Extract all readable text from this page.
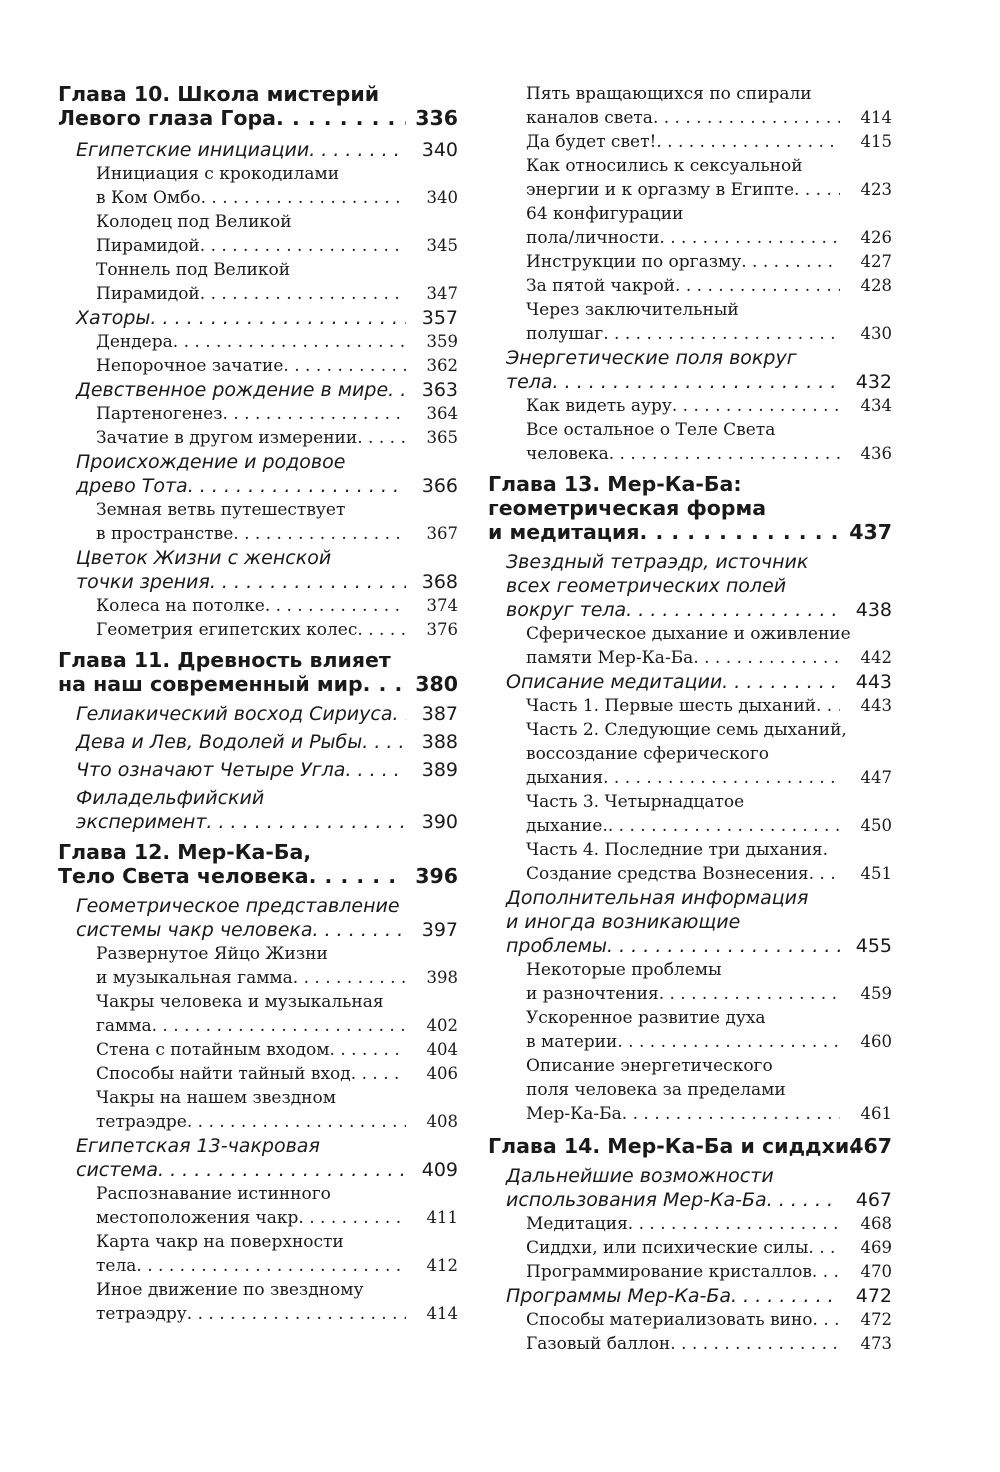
Глава 10. Школа мистерий
Левого глаза Гора . . .	336
Египетские инициации . . .	340
Инициация с крокодилами
в Ком Омбо . . .	340
Колодец под Великой
Пирамидой . . .	345
Тоннель под Великой
Пирамидой . . .	347
Хаторы . . .	357
Дендера . . .	359
Непорочное зачатие . . .	362
Девственное рождение в мире . . .	363
Партеногенез . . .	364
Зачатие в другом измерении . . .	365
Происхождение и родовое
древо Тота . . .	366
Земная ветвь путешествует
в пространстве . . .	367
Цветок Жизни с женской
точки зрения . . .	368
Колеса на потолке . . .	374
Геометрия египетских колес . . .	376
Глава 11. Древность влияет
на наш современный мир . . .	380
Гелиакический восход Сириуса . . .	387
Дева и Лев, Водолей и Рыбы . . .	388
Что означают Четыре Угла . . .	389
Филадельфийский
эксперимент . . .	390
Глава 12. Мер-Ка-Ба,
Тело Света человека . . .	396
Геометрическое представление
системы чакр человека . . .	397
Развернутое Яйцо Жизни
и музыкальная гамма . . .	398
Чакры человека и музыкальная
гамма . . .	402
Стена с потайным входом . . .	404
Способы найти тайный вход . . .	406
Чакры на нашем звездном
тетраэдре . . .	408
Египетская 13-чакровая
система . . .	409
Распознавание истинного
местоположения чакр . . .	411
Карта чакр на поверхности
тела . . .	412
Иное движение по звездному
тетраэдру . . .	414
Пять вращающихся по спирали
каналов света . . .	414
Да будет свет! . . .	415
Как относились к сексуальной
энергии и к оргазму в Египте . . .	423
64 конфигурации
пола/личности . . .	426
Инструкции по оргазму . . .	427
За пятой чакрой . . .	428
Через заключительный
полушаг . . .	430
Энергетические поля вокруг
тела . . .	432
Как видеть ауру . . .	434
Все остальное о Теле Света
человека . . .	436
Глава 13. Мер-Ка-Ба:
геометрическая форма
и медитация . . .	437
Звездный тетраэдр, источник
всех геометрических полей
вокруг тела . . .	438
Сферическое дыхание и оживление
памяти Мер-Ка-Ба . . .	442
Описание медитации . . .	443
Часть 1. Первые шесть дыханий . . .	443
Часть 2. Следующие семь дыханий,
воссоздание сферического
дыхания . . .	447
Часть 3. Четырнадцатое
дыхание. . . .	450
Часть 4. Последние три дыхания.
Создание средства Вознесения . . .	451
Дополнительная информация
и иногда возникающие
проблемы . . .	455
Некоторые проблемы
и разночтения . . .	459
Ускоренное развитие духа
в материи . . .	460
Описание энергетического
поля человека за пределами
Мер-Ка-Ба . . .	461
Глава 14. Мер-Ка-Ба и сиддхи . . . 467
Дальнейшие возможности
использования Мер-Ка-Ба . . .	467
Медитация . . .	468
Сиддхи, или психические силы . . .	469
Программирование кристаллов . . .	470
Программы Мер-Ка-Ба . . .	472
Способы материализовать вино . . .	472
Газовый баллон . . .	473
